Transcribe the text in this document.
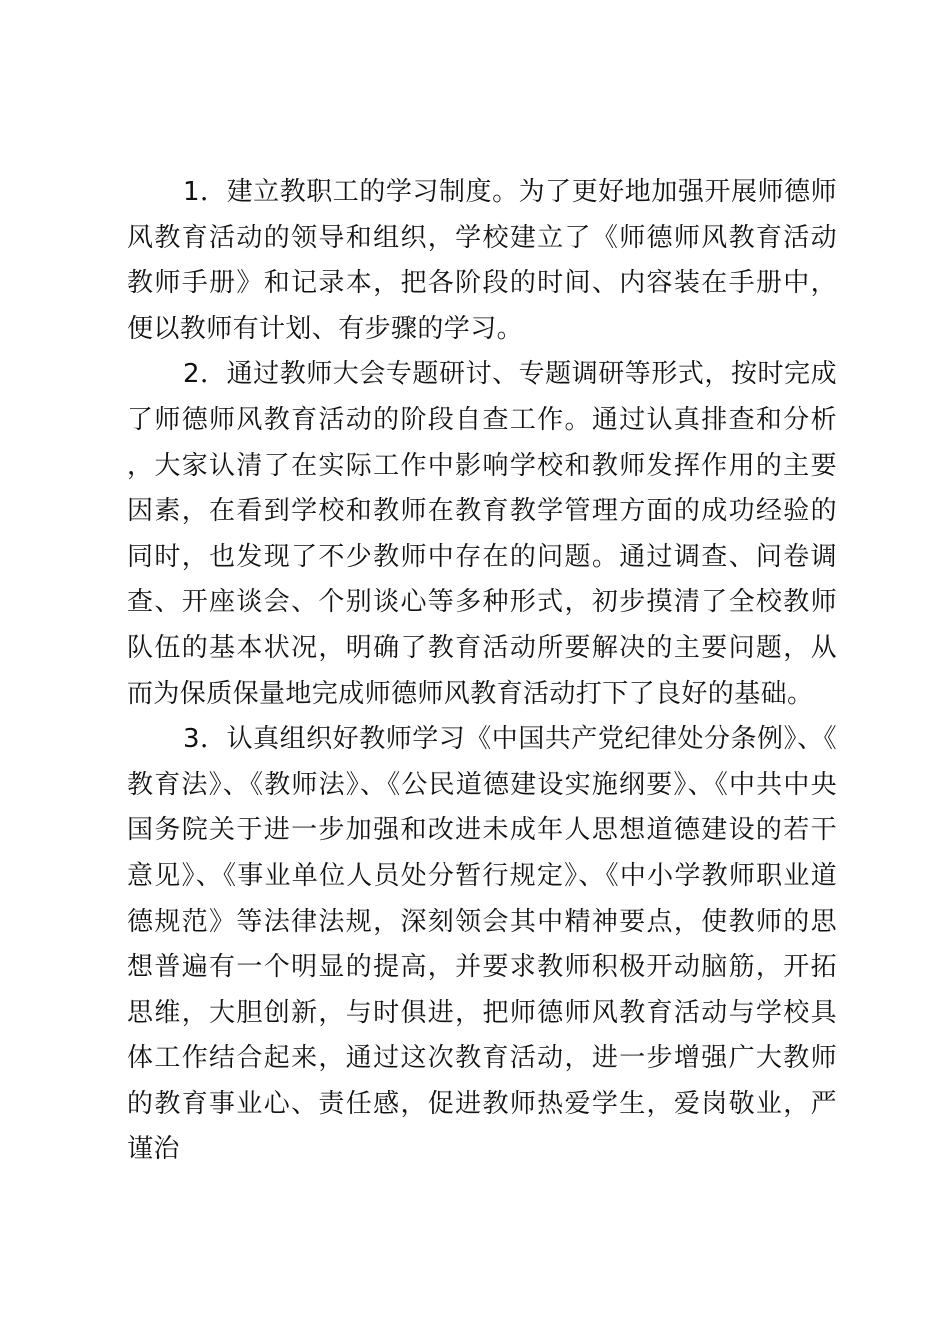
1．建立教职工的学习制度。为了更好地加强开展师德师风教育活动的领导和组织，学校建立了《师德师风教育活动教师手册》和记录本，把各阶段的时间、内容装在手册中，便以教师有计划、有步骤的学习。

2．通过教师大会专题研讨、专题调研等形式，按时完成了师德师风教育活动的阶段自查工作。通过认真排查和分析，大家认清了在实际工作中影响学校和教师发挥作用的主要因素，在看到学校和教师在教育教学管理方面的成功经验的同时，也发现了不少教师中存在的问题。通过调查、问卷调查、开座谈会、个别谈心等多种形式，初步摸清了全校教师队伍的基本状况，明确了教育活动所要解决的主要问题，从而为保质保量地完成师德师风教育活动打下了良好的基础。

3．认真组织好教师学习《中国共产党纪律处分条例》、《教育法》、《教师法》、《公民道德建设实施纲要》、《中共中央国务院关于进一步加强和改进未成年人思想道德建设的若干意见》、《事业单位人员处分暂行规定》、《中小学教师职业道德规范》等法律法规，深刻领会其中精神要点，使教师的思想普遍有一个明显的提高，并要求教师积极开动脑筋，开拓思维，大胆创新，与时俱进，把师德师风教育活动与学校具体工作结合起来，通过这次教育活动，进一步增强广大教师的教育事业心、责任感，促进教师热爱学生，爱岗敬业，严谨治
